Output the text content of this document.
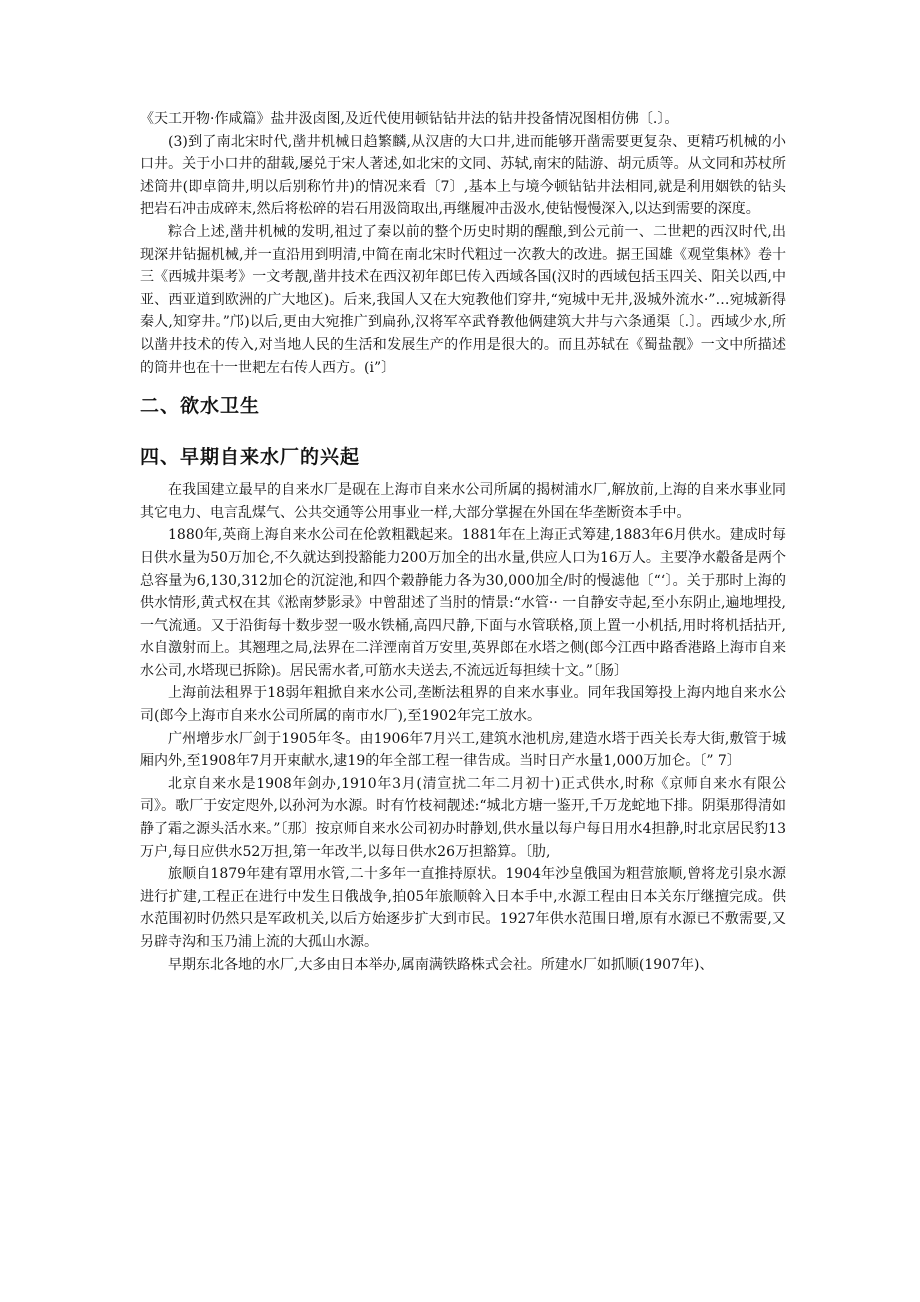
《天工开物·作咸篇》盐井汲卤图,及近代使用顿钻钻井法的钻井投备情况图相仿佛〔.〕。

(3)到了南北宋时代,凿井机械日趋繁麟,从汉唐的大口井,进而能够开凿需要更复杂、更精巧机械的小口井。关于小口井的甜载,屡兑于宋人著述,如北宋的文同、苏轼,南宋的陆游、胡元质等。从文同和苏杖所述筒井(即卓筒井,明以后别称竹井)的情况来看〔7〕,基本上与境今顿钻钻井法相同,就是利用姻铁的钻头把岩石冲击成碎末,然后将松碎的岩石用汲筒取出,再继履冲击汲水,使钻慢慢深入,以达到需要的深度。

粽合上述,凿井机械的发明,祖过了秦以前的整个历史时期的醒酿,到公元前一、二世耙的西汉时代,出现深井钻掘机械,并一直沿用到明清,中简在南北宋时代粗过一次教大的改进。据王国雄《观堂集林》卷十三《西城井渠考》一文考靓,凿井技术在西汉初年郎巳传入西域各国(汉时的西域包括玉四关、阳关以西,中亚、西亚道到欧洲的广大地区)。后来,我国人又在大宛教他们穿井,“宛城中无井,汲城外流水·”…宛城新得秦人,知穿井。”邝)以后,更由大宛推广到扁孙,汉将军卒武脊教他俩建筑大井与六条通渠〔.〕。西域少水,所以凿井技术的传入,对当地人民的生活和发展生产的作用是很大的。而且苏轼在《蜀盐靓》一文中所描述的筒井也在十一世耙左右传人西方。(i”〕

二、欲水卫生
四、早期自来水厂的兴起

在我国建立最早的自来水厂是砚在上海市自来水公司所属的揭树浦水厂,解放前,上海的自来水事业同其它电力、电言乱煤气、公共交通等公用事业一样,大部分掌握在外国在华垄断资本手中。

1880年,英商上海自来水公司在伦敦粗戳起来。1881年在上海正式筹建,1883年6月供水。建成时每日供水量为50万加仑,不久就达到投豁能力200万加全的出水量,供应人口为16万人。主要净水觳备是两个总容量为6,130,312加仑的沉淀池,和四个穀静能力各为30,000加全/时的慢滤他〔“‘〕。关于那时上海的供水情形,黄式权在其《淞南梦影录》中曾甜述了当肘的情景:“水管·· 一自静安寺起,至小东阴止,遍地埋投,一气流通。又于沿街每十数步翌一吸水铁桶,高四尺静,下面与水管联格,顶上置一小机括,用时将机括拈开,水自激射而上。其翘理之局,法界在二洋湮南首万安里,英界郎在水塔之侧(郎今江西中路香港路上海市自来水公司,水塔现已拆除)。居民需水者,可筋水夫送去,不流远近每担续十文。”〔肠〕

上海前法租界于18弱年粗掀自来水公司,垄断法租界的自来水事业。同年我国筹投上海内地自来水公司(郎今上海市自来水公司所属的南市水厂),至1902年完工放水。

广州增步水厂剑于1905年冬。由1906年7月兴工,建筑水池机房,建造水塔于西关长寿大街,敷管于城厢内外,至1908年7月开束献水,逮19的年全部工程一律告成。当时日产水量1,000万加仑。〔” 7〕

北京自来水是1908年剑办,1910年3月(清宣扰二年二月初十)正式供水,时称《京师自来水有限公司》。歌厂于安定咫外,以孙河为水源。时有竹枝祠靓述:“城北方塘一鉴开,千万龙蛇地下排。阴渠那得清如静了霜之源头活水来。”〔那〕按京师自来水公司初办时静划,供水量以每户每日用水4担静,时北京居民豹13万户,每日应供水52万担,第一年改半,以每日供水26万担豁算。〔肋,

旅顺自1879年建有罩用水管,二十多年一直推持原状。1904年沙皇俄国为粗营旅顺,曾将龙引泉水源进行扩建,工程正在进行中发生日俄战争,拍05年旅顺斡入日本手中,水源工程由日本关东厅继擅完成。供水范围初时仍然只是军政机关,以后方始逐步扩大到市民。1927年供水范围日增,原有水源已不敷需要,又另辟寺沟和玉乃浦上流的大孤山水源。

早期东北各地的水厂,大多由日本举办,属南满铁路株式会社。所建水厂如抓顺(1907年)、
